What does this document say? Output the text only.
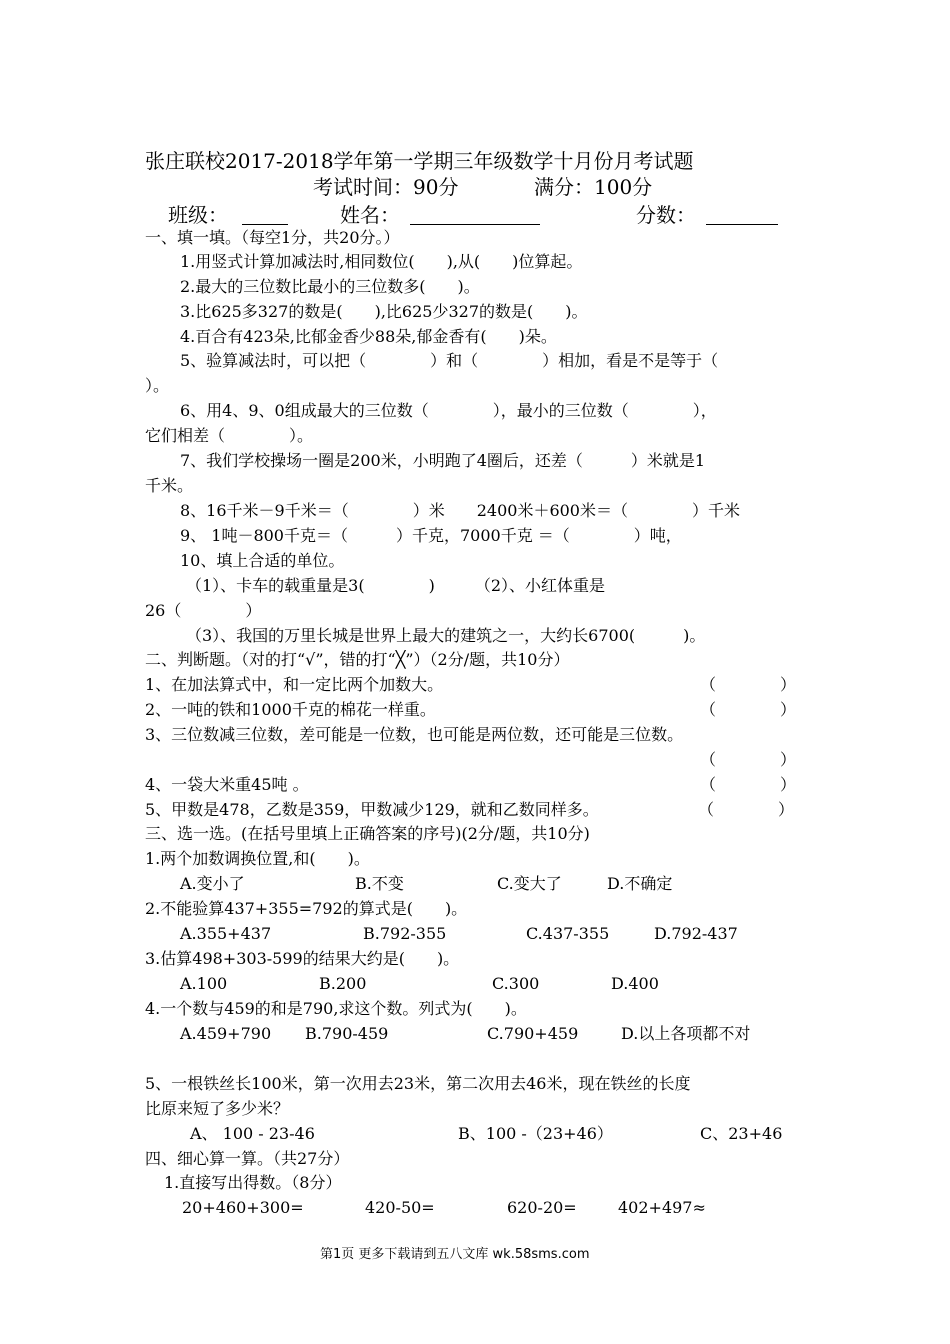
张庄联校2017-2018学年第一学期三年级数学十月份月考试题
考试时间：90分	满分：100分
班级：	姓名：	分数：
一、填一填。（每空1分，共20分。）
1.用竖式计算加减法时,相同数位(　　),从(　　)位算起。
2.最大的三位数比最小的三位数多(　　)。
3.比625多327的数是(　　),比625少327的数是(　　)。
4.百合有423朵,比郁金香少88朵,郁金香有(　　)朵。
5、验算减法时，可以把（　　　　）和（　　　　）相加，看是不是等于（
）。
6、用4、9、0组成最大的三位数（　　　　），最小的三位数（　　　　），
它们相差（　　　　）。
7、我们学校操场一圈是200米，小明跑了4圈后，还差（　　　）米就是1
千米。
8、16千米－9千米＝（　　　　）米　　2400米＋600米＝（　　　　）千米
9、 1吨－800千克＝（　　　）千克，7000千克 ＝（　　　　）吨，
10、填上合适的单位。
（1）、卡车的载重量是3(　　　　)　　　（2）、小红体重是
26（　　　　）
（3）、我国的万里长城是世界上最大的建筑之一，大约长6700(　　　)。
二、判断题。（对的打“√”，错的打“╳”）（2分/题，共10分）
1、在加法算式中，和一定比两个加数大。	（　　　　）
2、一吨的铁和1000千克的棉花一样重。	（　　　　）
3、三位数减三位数，差可能是一位数，也可能是两位数，还可能是三位数。
（　　　　）
4、一袋大米重45吨 。	（　　　　）
5、甲数是478，乙数是359，甲数减少129，就和乙数同样多。	（　　　　）
三、选一选。(在括号里填上正确答案的序号)(2分/题，共10分)
1.两个加数调换位置,和(　　)。
A.变小了	B.不变	C.变大了	D.不确定
2.不能验算437+355=792的算式是(　　)。
A.355+437	B.792-355	C.437-355	D.792-437
3.估算498+303-599的结果大约是(　　)。
A.100	B.200	C.300	D.400
4.一个数与459的和是790,求这个数。列式为(　　)。
A.459+790 B.790-459	C.790+459	D.以上各项都不对
5、一根铁丝长100米，第一次用去23米，第二次用去46米，现在铁丝的长度
比原来短了多少米？
A、 100 - 23-46	B、100 -（23+46）	C、23+46
四、细心算一算。（共27分）
1.直接写出得数。（8分）
20+460+300=	420-50=	620-20=	402+497≈
第1页 更多下载请到五八文库 wk.58sms.com
